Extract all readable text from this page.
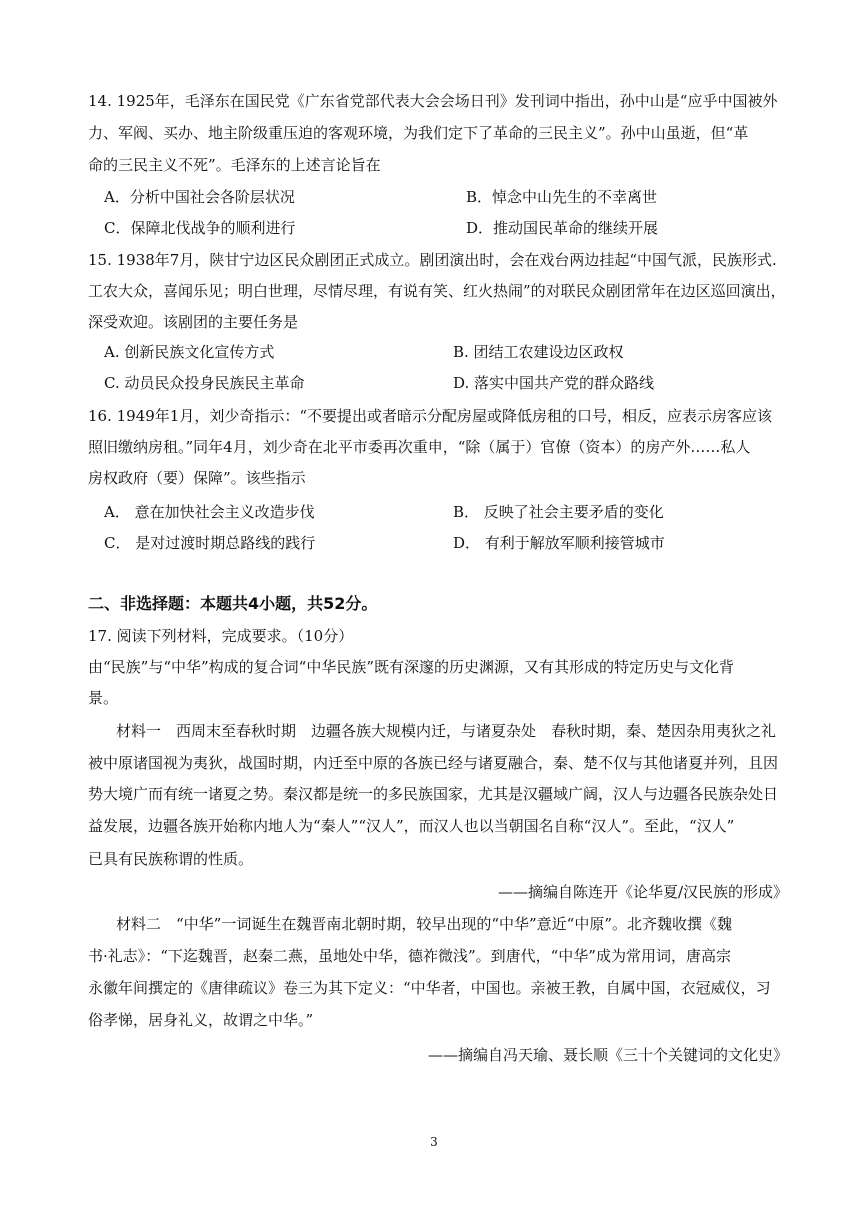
14. 1925年，毛泽东在国民党《广东省党部代表大会会场日刊》发刊词中指出，孙中山是“应乎中国被外
力、军阀、买办、地主阶级重压迫的客观环境，为我们定下了革命的三民主义”。孙中山虽逝，但“革
命的三民主义不死”。毛泽东的上述言论旨在
A．分析中国社会各阶层状况	B．悼念中山先生的不幸离世
C．保障北伐战争的顺利进行	D．推动国民革命的继续开展
15. 1938年7月，陕甘宁边区民众剧团正式成立。剧团演出时，会在戏台两边挂起“中国气派，民族形式.
工农大众，喜闻乐见；明白世理，尽情尽理，有说有笑、红火热闹”的对联民众剧团常年在边区巡回演出，
深受欢迎。该剧团的主要任务是
A. 创新民族文化宣传方式	B. 团结工农建设边区政权
C. 动员民众投身民族民主革命	D. 落实中国共产党的群众路线
16. 1949年1月，刘少奇指示：“不要提出或者暗示分配房屋或降低房租的口号，相反，应表示房客应该
照旧缴纳房租。”同年4月，刘少奇在北平市委再次重申，“除（属于）官僚（资本）的房产外……私人
房权政府（要）保障”。该些指示
A． 意在加快社会主义改造步伐	B． 反映了社会主要矛盾的变化
C． 是对过渡时期总路线的践行	D． 有利于解放军顺利接管城市
二、非选择题：本题共4小题，共52分。
17. 阅读下列材料，完成要求。（10分）
由“民族”与“中华”构成的复合词“中华民族”既有深邃的历史渊源，又有其形成的特定历史与文化背
景。
材料一　西周末至春秋时期　边疆各族大规模内迁，与诸夏杂处　春秋时期，秦、楚因杂用夷狄之礼
被中原诸国视为夷狄，战国时期，内迁至中原的各族已经与诸夏融合，秦、楚不仅与其他诸夏并列，且因
势大境广而有统一诸夏之势。秦汉都是统一的多民族国家，尤其是汉疆域广阔，汉人与边疆各民族杂处日
益发展，边疆各族开始称内地人为“秦人”“汉人”，而汉人也以当朝国名自称“汉人”。至此，“汉人”
已具有民族称谓的性质。
——摘编自陈连开《论华夏/汉民族的形成》
材料二　“中华”一词诞生在魏晋南北朝时期，较早出现的“中华”意近“中原”。北齐魏收撰《魏
书·礼志》：“下迄魏晋，赵秦二燕，虽地处中华，德祚微浅”。到唐代，“中华”成为常用词，唐高宗
永徽年间撰定的《唐律疏议》卷三为其下定义：“中华者，中国也。亲被王教，自属中国，衣冠威仪，习
俗孝悌，居身礼义，故谓之中华。”
——摘编自冯天瑜、聂长顺《三十个关键词的文化史》
3
